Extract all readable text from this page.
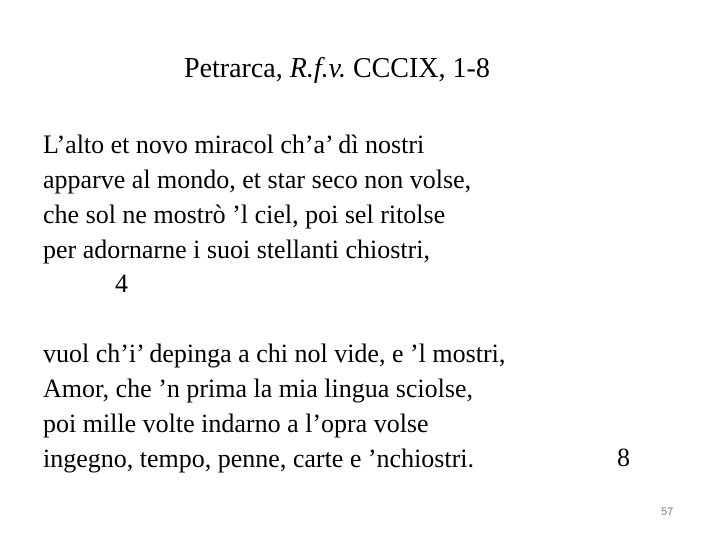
Petrarca, R.f.v. CCCIX, 1-8
L’alto et novo miracol ch’a’ dì nostri
apparve al mondo, et star seco non volse,
che sol ne mostrò ’l ciel, poi sel ritolse
per adornarne i suoi stellanti chiostri,
4
vuol ch’i’ depinga a chi nol vide, e ’l mostri,
Amor, che ’n prima la mia lingua sciolse,
poi mille volte indarno a l’opra volse
ingegno, tempo, penne, carte e ’nchiostri.	8
57
